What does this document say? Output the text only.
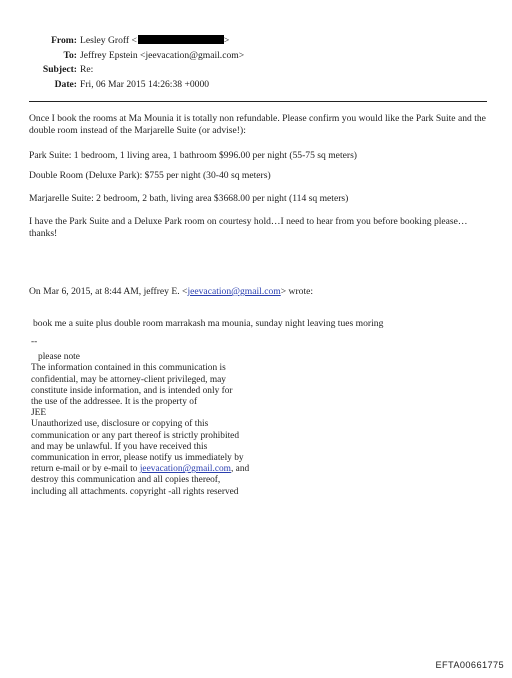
From: Lesley Groff <	>
To: Jeffrey Epstein <jeevacation@gmail.com>
Subject: Re:
Date: Fri, 06 Mar 2015 14:26:38 +0000

Once I book the rooms at Ma Mounia it is totally non refundable. Please confirm you would like the Park Suite and the double room instead of the Marjarelle Suite (or advise!):

Park Suite: 1 bedroom, 1 living area, 1 bathroom $996.00 per night (55-75 sq meters)

Double Room (Deluxe Park): $755 per night (30-40 sq meters)

Marjarelle Suite: 2 bedroom, 2 bath, living area $3668.00 per night (114 sq meters)

I have the Park Suite and a Deluxe Park room on courtesy hold…I need to hear from you before booking please…thanks!

On Mar 6, 2015, at 8:44 AM, jeffrey E. <jeevacation@gmail.com> wrote:
book me a suite plus double room marrakash ma mounia, sunday night leaving tues moring
--
please note
The information contained in this communication is
confidential, may be attorney-client privileged, may
constitute inside information, and is intended only for
the use of the addressee. It is the property of
JEE
Unauthorized use, disclosure or copying of this
communication or any part thereof is strictly prohibited
and may be unlawful. If you have received this
communication in error, please notify us immediately by
return e-mail or by e-mail to jeevacation@gmail.com, and
destroy this communication and all copies thereof,
including all attachments. copyright -all rights reserved
EFTA00661775
